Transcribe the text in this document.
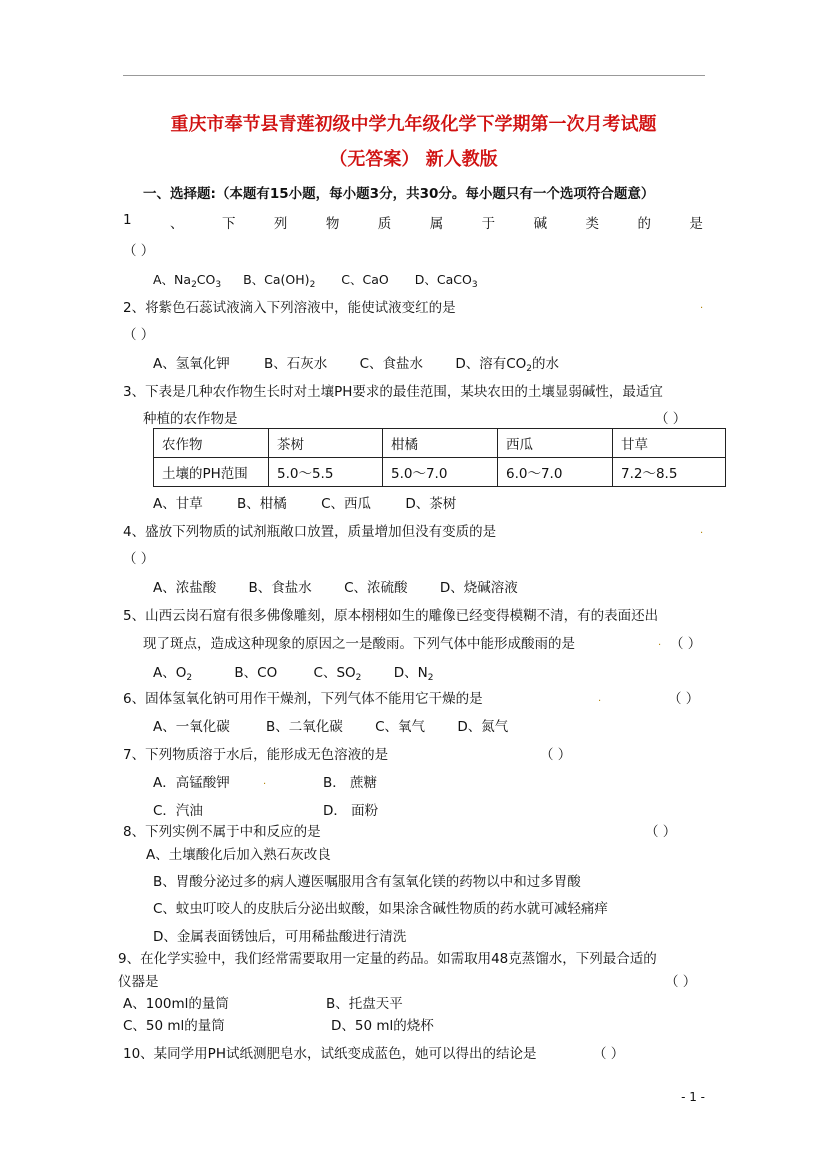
重庆市奉节县青莲初级中学九年级化学下学期第一次月考试题
（无答案） 新人教版
一、选择题:（本题有15小题，每小题3分，共30分。每小题只有一个选项符合题意）
1	、	下	列	物	质	属	于	碱	类	的	是
（ ）
A、$Na_2CO_3$ B、$Ca(OH)_2$ C、CaO D、CaCO$_3$
2、将紫色石蕊试液滴入下列溶液中，能使试液变红的是	.
（ ）
A、氢氧化钾	B、石灰水 C、食盐水 D、溶有$CO_2$的水
3、下表是几种农作物生长时对土壤PH要求的最佳范围，某块农田的土壤显弱碱性，最适宜
种植的农作物是	（ ）
农作物	茶树	柑橘	西瓜	甘草
土壤的PH范围	5.0～5.5	5.0～7.0	6.0～7.0	7.2～8.5
A、甘草	B、柑橘	C、西瓜	D、茶树
4、盛放下列物质的试剂瓶敞口放置，质量增加但没有变质的是	.
（ ）
A、浓盐酸 B、食盐水 C、浓硫酸 D、烧碱溶液
5、山西云岗石窟有很多佛像雕刻，原本栩栩如生的雕像已经变得模糊不清，有的表面还出
现了斑点，造成这种现象的原因之一是酸雨。下列气体中能形成酸雨的是	. （ ）
A、$O_2$	B、CO	C、$SO_2$ D、$N_2$
6、固体氢氧化钠可用作干燥剂，下列气体不能用它干燥的是	.	（ ）
A、一氧化碳	B、二氧化碳 C、氧气 D、氮气
7、下列物质溶于水后，能形成无色溶液的是	（ ）
A．高锰酸钾	.	B． 蔗糖
C．汽油	D． 面粉
8、下列实例不属于中和反应的是	（ ）
A、土壤酸化后加入熟石灰改良
B、胃酸分泌过多的病人遵医嘱服用含有氢氧化镁的药物以中和过多胃酸
C、蚊虫叮咬人的皮肤后分泌出蚁酸，如果涂含碱性物质的药水就可减轻痛痒
D、金属表面锈蚀后，可用稀盐酸进行清洗
9、在化学实验中，我们经常需要取用一定量的药品。如需取用48克蒸馏水，下列最合适的
仪器是	（ ）
A、100ml的量筒	B、托盘天平
C、50 ml的量筒	D、50 ml的烧杯
10、某同学用PH试纸测肥皂水，试纸变成蓝色，她可以得出的结论是	（ ）
- 1 -
